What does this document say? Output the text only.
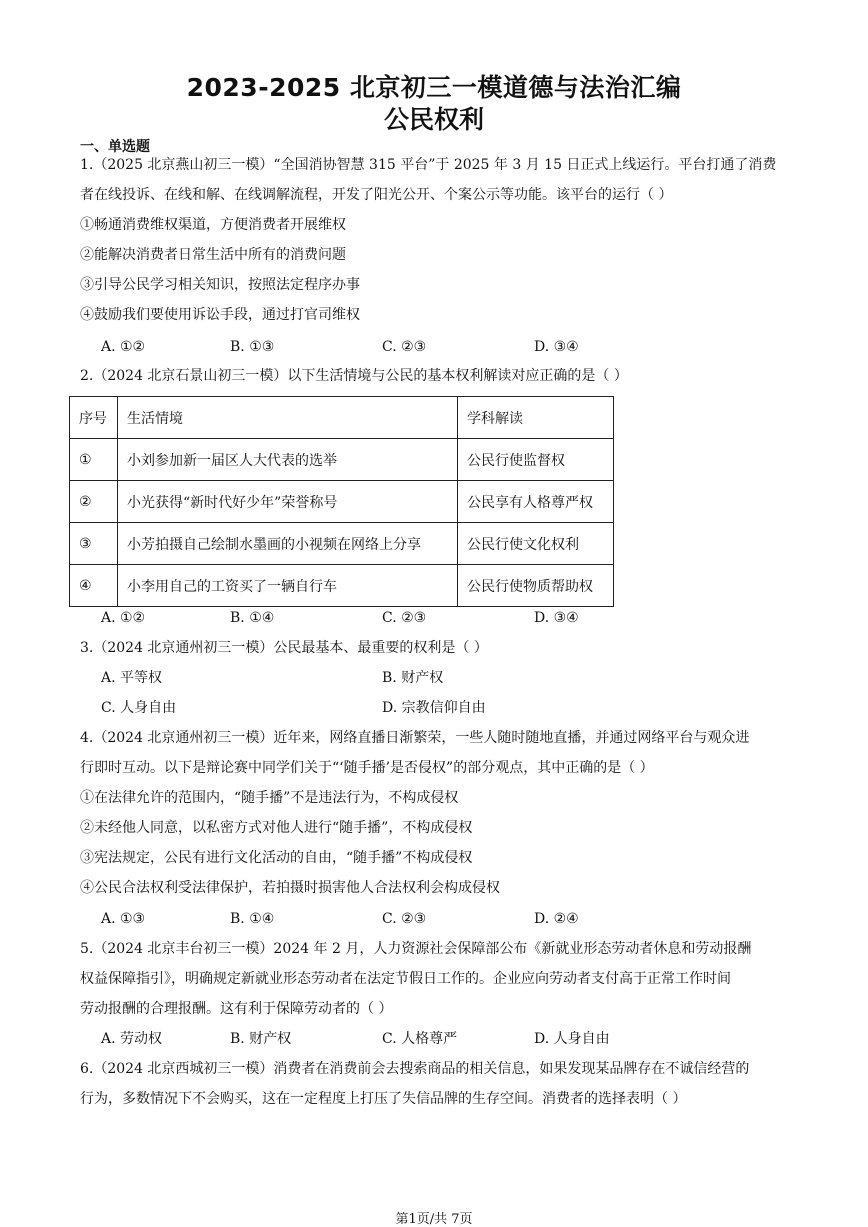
2023-2025 北京初三一模道德与法治汇编
公民权利
一、单选题
1.（2025 北京燕山初三一模）“全国消协智慧 315 平台”于 2025 年 3 月 15 日正式上线运行。平台打通了消费
者在线投诉、在线和解、在线调解流程，开发了阳光公开、个案公示等功能。该平台的运行（ ）
①畅通消费维权渠道，方便消费者开展维权
②能解决消费者日常生活中所有的消费问题
③引导公民学习相关知识，按照法定程序办事
④鼓励我们要使用诉讼手段，通过打官司维权
A. ①②	B. ①③	C. ②③	D. ③④
2.（2024 北京石景山初三一模）以下生活情境与公民的基本权利解读对应正确的是（ ）
序号	生活情境	学科解读
①	小刘参加新一届区人大代表的选举	公民行使监督权
②	小光获得“新时代好少年”荣誉称号	公民享有人格尊严权
③	小芳拍摄自己绘制水墨画的小视频在网络上分享	公民行使文化权利
④	小李用自己的工资买了一辆自行车	公民行使物质帮助权
A. ①②	B. ①④	C. ②③	D. ③④
3.（2024 北京通州初三一模）公民最基本、最重要的权利是（ ）
A. 平等权	B. 财产权
C. 人身自由	D. 宗教信仰自由
4.（2024 北京通州初三一模）近年来，网络直播日渐繁荣，一些人随时随地直播，并通过网络平台与观众进
行即时互动。以下是辩论赛中同学们关于“‘随手播’是否侵权”的部分观点，其中正确的是（ ）
①在法律允许的范围内，“随手播”不是违法行为，不构成侵权
②未经他人同意，以私密方式对他人进行“随手播”，不构成侵权
③宪法规定，公民有进行文化活动的自由，“随手播”不构成侵权
④公民合法权利受法律保护，若拍摄时损害他人合法权利会构成侵权
A. ①③	B. ①④	C. ②③	D. ②④
5.（2024 北京丰台初三一模）2024 年 2 月，人力资源社会保障部公布《新就业形态劳动者休息和劳动报酬
权益保障指引》，明确规定新就业形态劳动者在法定节假日工作的。企业应向劳动者支付高于正常工作时间
劳动报酬的合理报酬。这有利于保障劳动者的（ ）
A. 劳动权	B. 财产权	C. 人格尊严	D. 人身自由
6.（2024 北京西城初三一模）消费者在消费前会去搜索商品的相关信息，如果发现某品牌存在不诚信经营的
行为，多数情况下不会购买，这在一定程度上打压了失信品牌的生存空间。消费者的选择表明（ ）
第1页/共 7页
